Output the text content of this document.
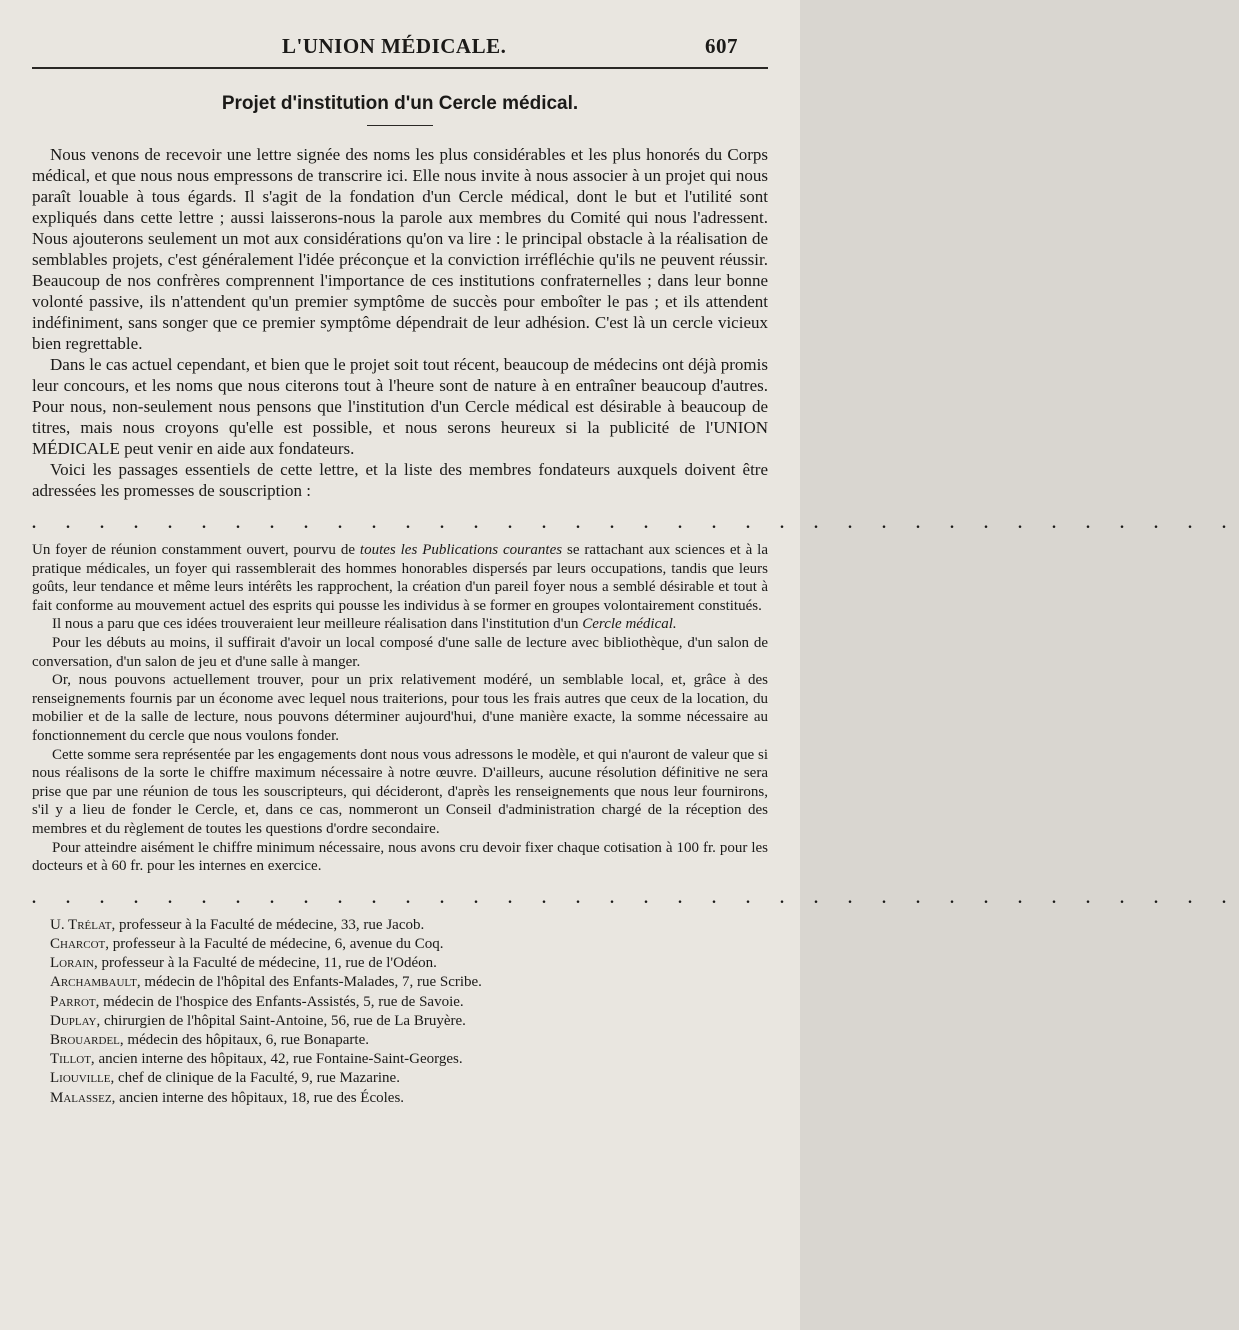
L'UNION MÉDICALE.	607
Projet d'institution d'un Cercle médical.

Nous venons de recevoir une lettre signée des noms les plus considérables et les plus honorés du Corps médical, et que nous nous empressons de transcrire ici. Elle nous invite à nous associer à un projet qui nous paraît louable à tous égards. Il s'agit de la fondation d'un Cercle médical, dont le but et l'utilité sont expliqués dans cette lettre ; aussi laisserons-nous la parole aux membres du Comité qui nous l'adressent. Nous ajouterons seulement un mot aux considérations qu'on va lire : le principal obstacle à la réalisation de semblables projets, c'est généralement l'idée préconçue et la conviction irréfléchie qu'ils ne peuvent réussir. Beaucoup de nos confrères comprennent l'importance de ces institutions confraternelles ; dans leur bonne volonté passive, ils n'attendent qu'un premier symptôme de succès pour emboîter le pas ; et ils attendent indéfiniment, sans songer que ce premier symptôme dépendrait de leur adhésion. C'est là un cercle vicieux bien regrettable.

Dans le cas actuel cependant, et bien que le projet soit tout récent, beaucoup de médecins ont déjà promis leur concours, et les noms que nous citerons tout à l'heure sont de nature à en entraîner beaucoup d'autres. Pour nous, non-seulement nous pensons que l'institution d'un Cercle médical est désirable à beaucoup de titres, mais nous croyons qu'elle est possible, et nous serons heureux si la publicité de l'UNION MÉDICALE peut venir en aide aux fondateurs.

Voici les passages essentiels de cette lettre, et la liste des membres fondateurs auxquels doivent être adressées les promesses de souscription :

. . . . . . . . . . . . . . . . . . . . . . . . . . . . . . . . . . . .

Un foyer de réunion constamment ouvert, pourvu de toutes les Publications courantes se rattachant aux sciences et à la pratique médicales, un foyer qui rassemblerait des hommes honorables dispersés par leurs occupations, tandis que leurs goûts, leur tendance et même leurs intérêts les rapprochent, la création d'un pareil foyer nous a semblé désirable et tout à fait conforme au mouvement actuel des esprits qui pousse les individus à se former en groupes volontairement constitués.

Il nous a paru que ces idées trouveraient leur meilleure réalisation dans l'institution d'un Cercle médical.

Pour les débuts au moins, il suffirait d'avoir un local composé d'une salle de lecture avec bibliothèque, d'un salon de conversation, d'un salon de jeu et d'une salle à manger.

Or, nous pouvons actuellement trouver, pour un prix relativement modéré, un semblable local, et, grâce à des renseignements fournis par un économe avec lequel nous traiterions, pour tous les frais autres que ceux de la location, du mobilier et de la salle de lecture, nous pouvons déterminer aujourd'hui, d'une manière exacte, la somme nécessaire au fonctionnement du cercle que nous voulons fonder.

Cette somme sera représentée par les engagements dont nous vous adressons le modèle, et qui n'auront de valeur que si nous réalisons de la sorte le chiffre maximum nécessaire à notre œuvre. D'ailleurs, aucune résolution définitive ne sera prise que par une réunion de tous les souscripteurs, qui décideront, d'après les renseignements que nous leur fournirons, s'il y a lieu de fonder le Cercle, et, dans ce cas, nommeront un Conseil d'administration chargé de la réception des membres et du règlement de toutes les questions d'ordre secondaire.

Pour atteindre aisément le chiffre minimum nécessaire, nous avons cru devoir fixer chaque cotisation à 100 fr. pour les docteurs et à 60 fr. pour les internes en exercice.

. . . . . . . . . . . . . . . . . . . . . . . . . . . . . . . . . . . .
U. Trélat, professeur à la Faculté de médecine, 33, rue Jacob.
Charcot, professeur à la Faculté de médecine, 6, avenue du Coq.
Lorain, professeur à la Faculté de médecine, 11, rue de l'Odéon.
Archambault, médecin de l'hôpital des Enfants-Malades, 7, rue Scribe.
Parrot, médecin de l'hospice des Enfants-Assistés, 5, rue de Savoie.
Duplay, chirurgien de l'hôpital Saint-Antoine, 56, rue de La Bruyère.
Brouardel, médecin des hôpitaux, 6, rue Bonaparte.
Tillot, ancien interne des hôpitaux, 42, rue Fontaine-Saint-Georges.
Liouville, chef de clinique de la Faculté, 9, rue Mazarine.
Malassez, ancien interne des hôpitaux, 18, rue des Écoles.
